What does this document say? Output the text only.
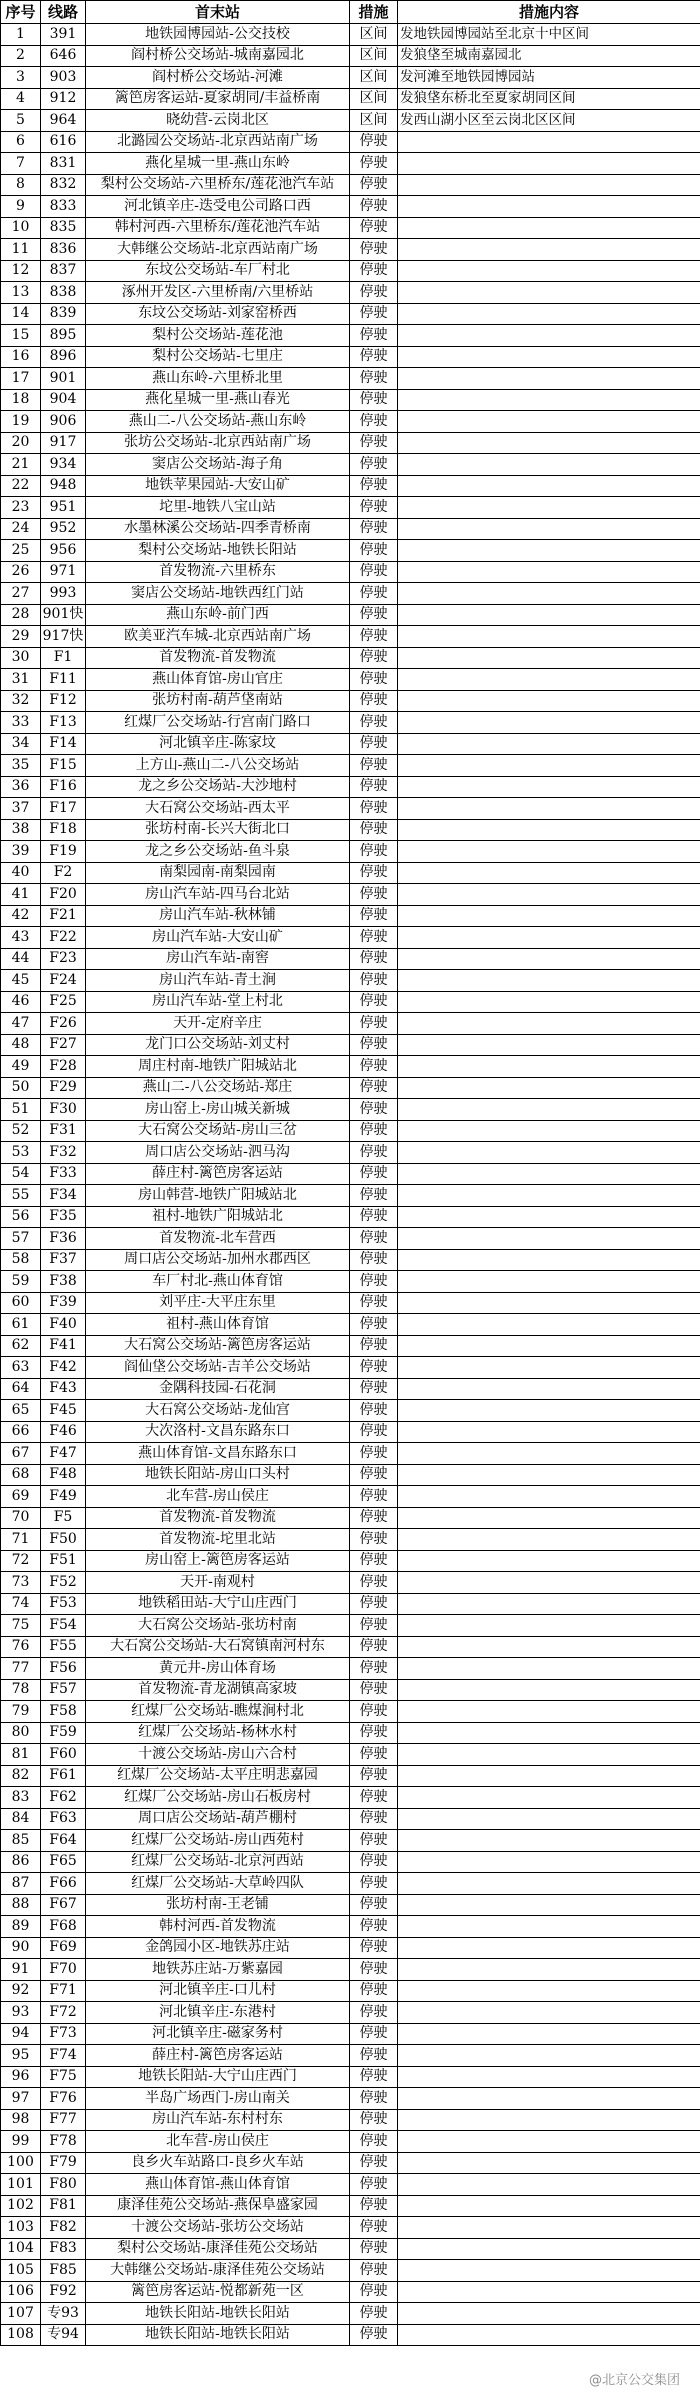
序号	线路	首末站	措施	措施内容
1	391	地铁园博园站-公交技校	区间	发地铁园博园站至北京十中区间
2	646	阎村桥公交场站-城南嘉园北	区间	发狼垡至城南嘉园北
3	903	阎村桥公交场站-河滩	区间	发河滩至地铁园博园站
4	912	篱笆房客运站-夏家胡同/丰益桥南	区间	发狼垡东桥北至夏家胡同区间
5	964	晓幼营-云岗北区	区间	发西山湖小区至云岗北区区间
6	616	北潞园公交场站-北京西站南广场	停驶	
7	831	燕化星城一里-燕山东岭	停驶	
8	832	梨村公交场站-六里桥东/莲花池汽车站	停驶	
9	833	河北镇辛庄-迭受电公司路口西	停驶	
10	835	韩村河西-六里桥东/莲花池汽车站	停驶	
11	836	大韩继公交场站-北京西站南广场	停驶	
12	837	东坟公交场站-车厂村北	停驶	
13	838	涿州开发区-六里桥南/六里桥站	停驶	
14	839	东坟公交场站-刘家窑桥西	停驶	
15	895	梨村公交场站-莲花池	停驶	
16	896	梨村公交场站-七里庄	停驶	
17	901	燕山东岭-六里桥北里	停驶	
18	904	燕化星城一里-燕山春光	停驶	
19	906	燕山二-八公交场站-燕山东岭	停驶	
20	917	张坊公交场站-北京西站南广场	停驶	
21	934	窦店公交场站-海子角	停驶	
22	948	地铁苹果园站-大安山矿	停驶	
23	951	坨里-地铁八宝山站	停驶	
24	952	水墨林溪公交场站-四季青桥南	停驶	
25	956	梨村公交场站-地铁长阳站	停驶	
26	971	首发物流-六里桥东	停驶	
27	993	窦店公交场站-地铁西红门站	停驶	
28	901快	燕山东岭-前门西	停驶	
29	917快	欧美亚汽车城-北京西站南广场	停驶	
30	F1	首发物流-首发物流	停驶	
31	F11	燕山体育馆-房山官庄	停驶	
32	F12	张坊村南-葫芦垡南站	停驶	
33	F13	红煤厂公交场站-行宫南门路口	停驶	
34	F14	河北镇辛庄-陈家坟	停驶	
35	F15	上方山-燕山二-八公交场站	停驶	
36	F16	龙之乡公交场站-大沙地村	停驶	
37	F17	大石窝公交场站-西太平	停驶	
38	F18	张坊村南-长兴大街北口	停驶	
39	F19	龙之乡公交场站-鱼斗泉	停驶	
40	F2	南梨园南-南梨园南	停驶	
41	F20	房山汽车站-四马台北站	停驶	
42	F21	房山汽车站-秋林铺	停驶	
43	F22	房山汽车站-大安山矿	停驶	
44	F23	房山汽车站-南窖	停驶	
45	F24	房山汽车站-青土涧	停驶	
46	F25	房山汽车站-堂上村北	停驶	
47	F26	天开-定府辛庄	停驶	
48	F27	龙门口公交场站-刘丈村	停驶	
49	F28	周庄村南-地铁广阳城站北	停驶	
50	F29	燕山二-八公交场站-郑庄	停驶	
51	F30	房山窑上-房山城关新城	停驶	
52	F31	大石窝公交场站-房山三岔	停驶	
53	F32	周口店公交场站-泗马沟	停驶	
54	F33	薛庄村-篱笆房客运站	停驶	
55	F34	房山韩营-地铁广阳城站北	停驶	
56	F35	祖村-地铁广阳城站北	停驶	
57	F36	首发物流-北车营西	停驶	
58	F37	周口店公交场站-加州水郡西区	停驶	
59	F38	车厂村北-燕山体育馆	停驶	
60	F39	刘平庄-大平庄东里	停驶	
61	F40	祖村-燕山体育馆	停驶	
62	F41	大石窝公交场站-篱笆房客运站	停驶	
63	F42	阎仙垡公交场站-吉羊公交场站	停驶	
64	F43	金隅科技园-石花洞	停驶	
65	F45	大石窝公交场站-龙仙宫	停驶	
66	F46	大次洛村-文昌东路东口	停驶	
67	F47	燕山体育馆-文昌东路东口	停驶	
68	F48	地铁长阳站-房山口头村	停驶	
69	F49	北车营-房山侯庄	停驶	
70	F5	首发物流-首发物流	停驶	
71	F50	首发物流-坨里北站	停驶	
72	F51	房山窑上-篱笆房客运站	停驶	
73	F52	天开-南观村	停驶	
74	F53	地铁稻田站-大宁山庄西门	停驶	
75	F54	大石窝公交场站-张坊村南	停驶	
76	F55	大石窝公交场站-大石窝镇南河村东	停驶	
77	F56	黄元井-房山体育场	停驶	
78	F57	首发物流-青龙湖镇高家坡	停驶	
79	F58	红煤厂公交场站-瞧煤涧村北	停驶	
80	F59	红煤厂公交场站-杨林水村	停驶	
81	F60	十渡公交场站-房山六合村	停驶	
82	F61	红煤厂公交场站-太平庄明悲嘉园	停驶	
83	F62	红煤厂公交场站-房山石板房村	停驶	
84	F63	周口店公交场站-葫芦棚村	停驶	
85	F64	红煤厂公交场站-房山西苑村	停驶	
86	F65	红煤厂公交场站-北京河西站	停驶	
87	F66	红煤厂公交场站-大草岭四队	停驶	
88	F67	张坊村南-王老铺	停驶	
89	F68	韩村河西-首发物流	停驶	
90	F69	金鸽园小区-地铁苏庄站	停驶	
91	F70	地铁苏庄站-万紫嘉园	停驶	
92	F71	河北镇辛庄-口儿村	停驶	
93	F72	河北镇辛庄-东港村	停驶	
94	F73	河北镇辛庄-磁家务村	停驶	
95	F74	薛庄村-篱笆房客运站	停驶	
96	F75	地铁长阳站-大宁山庄西门	停驶	
97	F76	半岛广场西门-房山南关	停驶	
98	F77	房山汽车站-东村村东	停驶	
99	F78	北车营-房山侯庄	停驶	
100	F79	良乡火车站路口-良乡火车站	停驶	
101	F80	燕山体育馆-燕山体育馆	停驶	
102	F81	康泽佳苑公交场站-燕保阜盛家园	停驶	
103	F82	十渡公交场站-张坊公交场站	停驶	
104	F83	梨村公交场站-康泽佳苑公交场站	停驶	
105	F85	大韩继公交场站-康泽佳苑公交场站	停驶	
106	F92	篱笆房客运站-悦都新苑一区	停驶	
107	专93	地铁长阳站-地铁长阳站	停驶	
108	专94	地铁长阳站-地铁长阳站	停驶	
@北京公交集团
